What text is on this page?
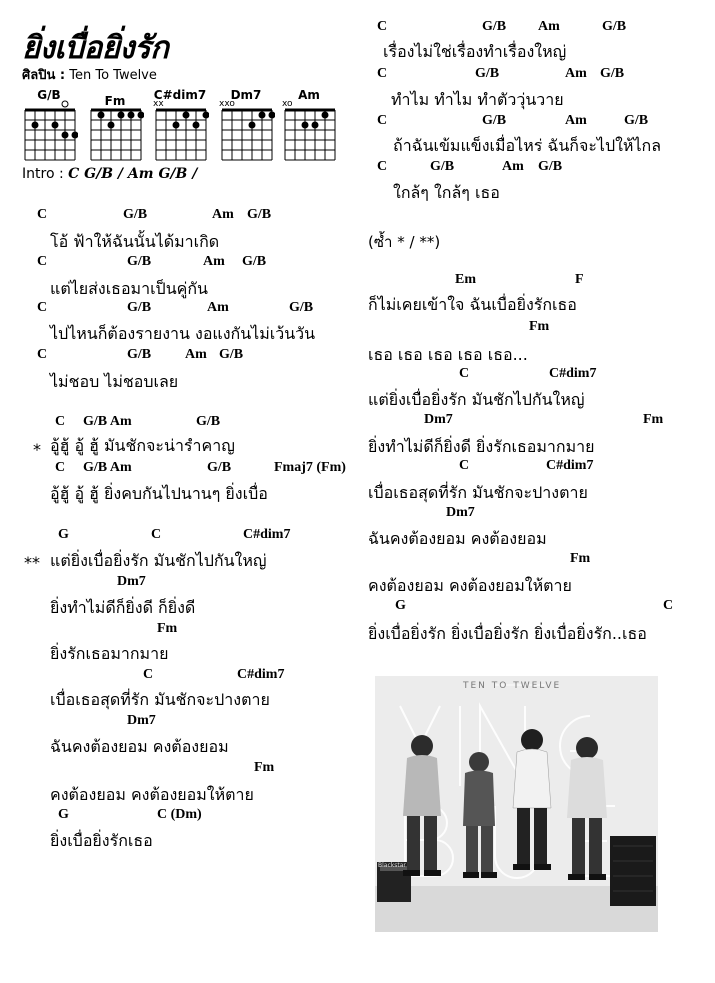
ยิ่งเบื่อยิ่งรัก
ศิลปิน : Ten To Twelve
G/B	Fm	C#dim7
xx
Dm7
xxo
Am
xo
Intro : C G/B / Am G/B /
C	G/B	Am G/B
โอ้ ฟ้าให้ฉันนั้นได้มาเกิด
C	G/B	Am G/B
แต่ไยส่งเธอมาเป็นคู่กัน
C	G/B	Am	G/B
ไปไหนก็ต้องรายงาน งอแงกันไม่เว้นวัน
C	G/B Am G/B
ไม่ชอบ ไม่ชอบเลย
C G/B Am	G/B
* อู้ฮู้ อู้ ฮู้ มันชักจะน่ารำคาญ
C G/B Am	G/B	Fmaj7 (Fm)
อู้ฮู้ อู้ ฮู้ ยิ่งคบกันไปนานๆ ยิ่งเบื่อ
G	C	C#dim7
** แต่ยิ่งเบื่อยิ่งรัก มันชักไปกันใหญ่
Dm7
ยิ่งทำไม่ดีก็ยิ่งดี ก็ยิ่งดี
Fm
ยิ่งรักเธอมากมาย
C	C#dim7
เบื่อเธอสุดที่รัก มันชักจะปางตาย
Dm7
ฉันคงต้องยอม คงต้องยอม
Fm
คงต้องยอม คงต้องยอมให้ตาย
G	C (Dm)
ยิ่งเบื่อยิ่งรักเธอ
C	G/B Am	G/B
เรื่องไม่ใช่เรื่องทำเรื่องใหญ่
C	G/B	Am G/B
ทำไม ทำไม ทำตัววุ่นวาย
C	G/B	Am	G/B
ถ้าฉันเข้มแข็งเมื่อไหร่ ฉันก็จะไปให้ไกล
C	G/B	Am G/B
ใกล้ๆ ใกล้ๆ เธอ
(ซ้ำ * / **)
Em	F
ก็ไม่เคยเข้าใจ ฉันเบื่อยิ่งรักเธอ
Fm
เธอ เธอ เธอ เธอ เธอ...
C	C#dim7
แต่ยิ่งเบื่อยิ่งรัก มันชักไปกันใหญ่
Dm7	Fm
ยิ่งทำไม่ดีก็ยิ่งดี ยิ่งรักเธอมากมาย
C	C#dim7
เบื่อเธอสุดที่รัก มันชักจะปางตาย
Dm7
ฉันคงต้องยอม คงต้องยอม
Fm
คงต้องยอม คงต้องยอมให้ตาย
G	C
ยิ่งเบื่อยิ่งรัก ยิ่งเบื่อยิ่งรัก ยิ่งเบื่อยิ่งรัก..เธอ
TEN TO TWELVE
Blackstar
